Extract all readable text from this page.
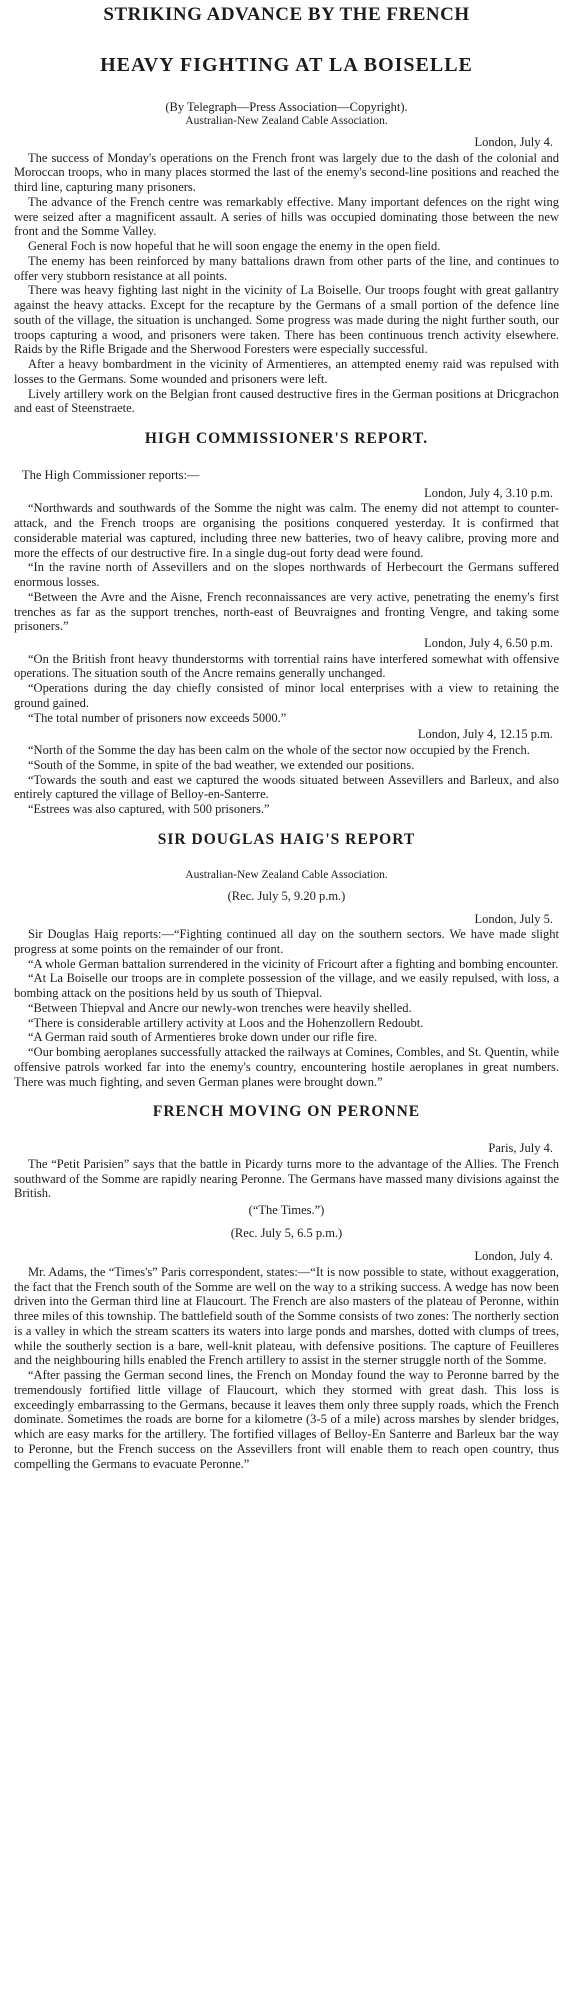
STRIKING ADVANCE BY THE FRENCH
HEAVY FIGHTING AT LA BOISELLE

(By Telegraph—Press Association—Copyright).

Australian-New Zealand Cable Association.

London, July 4.

The success of Monday's operations on the French front was largely due to the dash of the colonial and Moroccan troops, who in many places stormed the last of the enemy's second-line positions and reached the third line, capturing many prisoners.

The advance of the French centre was remarkably effective. Many important defences on the right wing were seized after a magnificent assault. A series of hills was occupied dominating those between the new front and the Somme Valley.

General Foch is now hopeful that he will soon engage the enemy in the open field.

The enemy has been reinforced by many battalions drawn from other parts of the line, and continues to offer very stubborn resistance at all points.

There was heavy fighting last night in the vicinity of La Boiselle. Our troops fought with great gallantry against the heavy attacks. Except for the recapture by the Germans of a small portion of the defence line south of the village, the situation is unchanged. Some progress was made during the night further south, our troops capturing a wood, and prisoners were taken. There has been continuous trench activity elsewhere. Raids by the Rifle Brigade and the Sherwood Foresters were especially successful.

After a heavy bombardment in the vicinity of Armentieres, an attempted enemy raid was repulsed with losses to the Germans. Some wounded and prisoners were left.

Lively artillery work on the Belgian front caused destructive fires in the German positions at Dricgrachon and east of Steenstraete.

HIGH COMMISSIONER'S REPORT.
The High Commissioner reports:—
London, July 4, 3.10 p.m.

“Northwards and southwards of the Somme the night was calm. The enemy did not attempt to counter-attack, and the French troops are organising the positions conquered yesterday. It is confirmed that considerable material was captured, including three new batteries, two of heavy calibre, proving more and more the effects of our destructive fire. In a single dug-out forty dead were found.

“In the ravine north of Assevillers and on the slopes northwards of Herbecourt the Germans suffered enormous losses.

“Between the Avre and the Aisne, French reconnaissances are very active, penetrating the enemy's first trenches as far as the support trenches, north-east of Beuvraignes and fronting Vengre, and taking some prisoners.”

London, July 4, 6.50 p.m.

“On the British front heavy thunderstorms with torrential rains have interfered somewhat with offensive operations. The situation south of the Ancre remains generally unchanged.

“Operations during the day chiefly consisted of minor local enterprises with a view to retaining the ground gained.

“The total number of prisoners now exceeds 5000.”

London, July 4, 12.15 p.m.

“North of the Somme the day has been calm on the whole of the sector now occupied by the French.

“South of the Somme, in spite of the bad weather, we extended our positions.

“Towards the south and east we captured the woods situated between Assevillers and Barleux, and also entirely captured the village of Belloy-en-Santerre.

“Estrees was also captured, with 500 prisoners.”

SIR DOUGLAS HAIG'S REPORT

Australian-New Zealand Cable Association.

(Rec. July 5, 9.20 p.m.)

London, July 5.

Sir Douglas Haig reports:—“Fighting continued all day on the southern sectors. We have made slight progress at some points on the remainder of our front.

“A whole German battalion surrendered in the vicinity of Fricourt after a fighting and bombing encounter.

“At La Boiselle our troops are in complete possession of the village, and we easily repulsed, with loss, a bombing attack on the positions held by us south of Thiepval.

“Between Thiepval and Ancre our newly-won trenches were heavily shelled.

“There is considerable artillery activity at Loos and the Hohenzollern Redoubt.

“A German raid south of Armentieres broke down under our rifle fire.

“Our bombing aeroplanes successfully attacked the railways at Comines, Combles, and St. Quentin, while offensive patrols worked far into the enemy's country, encountering hostile aeroplanes in great numbers. There was much fighting, and seven German planes were brought down.”

FRENCH MOVING ON PERONNE
Paris, July 4.

The “Petit Parisien” says that the battle in Picardy turns more to the advantage of the Allies. The French southward of the Somme are rapidly nearing Peronne. The Germans have massed many divisions against the British.

(“The Times.”)

(Rec. July 5, 6.5 p.m.)

London, July 4.

Mr. Adams, the “Times's” Paris correspondent, states:—“It is now possible to state, without exaggeration, the fact that the French south of the Somme are well on the way to a striking success. A wedge has now been driven into the German third line at Flaucourt. The French are also masters of the plateau of Peronne, within three miles of this township. The battlefield south of the Somme consists of two zones: The northerly section is a valley in which the stream scatters its waters into large ponds and marshes, dotted with clumps of trees, while the southerly section is a bare, well-knit plateau, with defensive positions. The capture of Feuilleres and the neighbouring hills enabled the French artillery to assist in the sterner struggle north of the Somme.

“After passing the German second lines, the French on Monday found the way to Peronne barred by the tremendously fortified little village of Flaucourt, which they stormed with great dash. This loss is exceedingly embarrassing to the Germans, because it leaves them only three supply roads, which the French dominate. Sometimes the roads are borne for a kilometre (3-5 of a mile) across marshes by slender bridges, which are easy marks for the artillery. The fortified villages of Belloy-En Santerre and Barleux bar the way to Peronne, but the French success on the Assevillers front will enable them to reach open country, thus compelling the Germans to evacuate Peronne.”
